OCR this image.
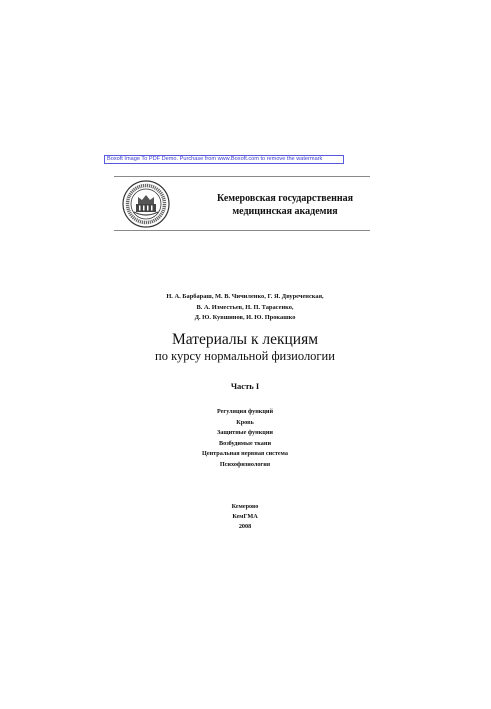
Boxoft Image To PDF Demo. Purchase from www.Boxoft.com to remove the watermark
Кемеровская государственная
медицинская академия
Н. А. Барбараш, М. В. Чичиленко, Г. Я. Двуреченская,
В. А. Изместьев, Н. П. Тарасенко,
Д. Ю. Кувшинов, И. Ю. Прокашко
Материалы к лекциям
по курсу нормальной физиологии
Часть I
Регуляция функций
Кровь
Защитные функции
Возбудимые ткани
Центральная нервная система
Психофизиология
Кемерово
КемГМА
2008
